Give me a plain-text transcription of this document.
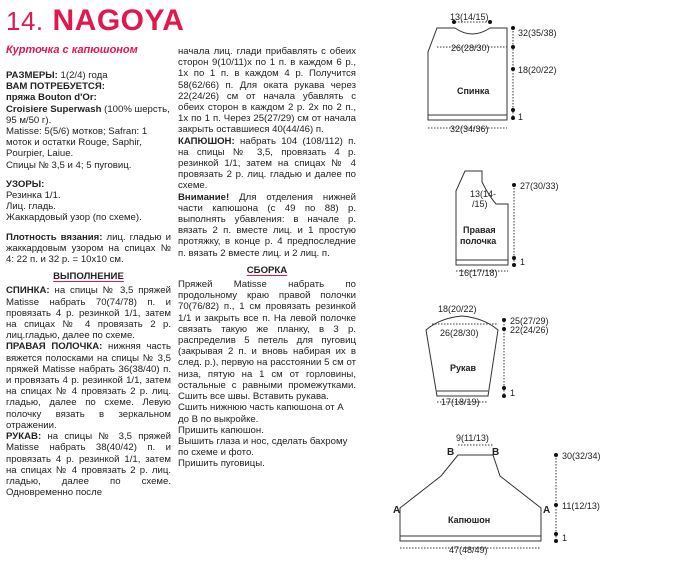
14. NAGOYA
Курточка с капюшоном

РАЗМЕРЫ: 1(2/4) года

ВАМ ПОТРЕБУЕТСЯ:

пряжа Bouton d'Or:

Croisiere Superwash (100% шерсть, 95 м/50 г).

Matisse: 5(5/6) мотков; Safran: 1 моток и остатки Rouge, Saphir, Pourpier, Laiue.

Спицы № 3,5 и 4; 5 пуговиц.

УЗОРЫ:

Резинка 1/1.

Лиц. гладь.

Жаккардовый узор (по схеме).

Плотность вязания: лиц. гладью и жаккардовым узором на спицах № 4: 22 п. и 32 р. = 10х10 см.

ВЫПОЛНЕНИЕ

СПИНКА: на спицы № 3,5 пряжей Matisse набрать 70(74/78) п. и провязать 4 р. резинкой 1/1, затем на спицах № 4 провязать 2 р. лиц.гладью, далее по схеме.

ПРАВАЯ ПОЛОЧКА: нижняя часть вяжется полосками на спицы № 3,5 пряжей Matisse набрать 36(38/40) п. и провязать 4 р. резинкой 1/1, затем на спицах № 4 провязать 2 р. лиц. гладью, далее по схеме. Левую полочку вязать в зеркальном отражении.

РУКАВ: на спицы № 3,5 пряжей Matisse набрать 38(40/42) п. и провязать 4 р. резинкой 1/1, затем на спицах № 4 провязать 2 р. лиц. гладью, далее по схеме. Одновременно после

начала лиц. глади прибавлять с обеих сторон 9(10/11)х по 1 п. в каждом 6 р., 1х по 1 п. в каждом 4 р. Получится 58(62/66) п. Для оката рукава через 22(24/26) см от начала убавлять с обеих сторон в каждом 2 р. 2х по 2 п., 1х по 1 п. Через 25(27/29) см от начала закрыть оставшиеся 40(44/46) п.

КАПЮШОН: набрать 104 (108/112) п. на спицы № 3,5, провязать 4 р. резинкой 1/1, затем на спицах № 4 провязать 2 р. лиц. гладью и далее по схеме.

Внимание! Для отделения нижней части капюшона (с 49 по 88) р. выполнять убавления: в начале р. вязать 2 п. вместе лиц. и 1 простую протяжку, в конце р. 4 предпоследние п. вязать 2 вместе лиц. и 2 лиц. п.

СБОРКА

Пряжей Matisse набрать по продольному краю правой полочки 70(76/82) п., 1 см провязать резинкой 1/1 и закрыть все п. На левой полочке связать такую же планку, в 3 р. распределив 5 петель для пуговиц (закрывая 2 п. и вновь набирая их в след. р.), первую на расстоянии 5 см от низа, пятую на 1 см от горловины, остальные с равными промежутками. Сшить все швы. Вставить рукава.

Сшить нижнюю часть капюшона от A до B по выкройке.

Пришить капюшон.

Вышить глаза и нос, сделать бахрому по схеме и фото.

Пришить пуговицы.

13(14/15)
26(28/30)
32(35/38)
18(20/22)
Спинка
32(34/36)
1
13(14-
/15)
27(30/33)
Правая
полочка
16(17/18)
1
18(20/22)
26(28/30)
25(27/29)
22(24/26)
Рукав
17(18/19)
1
9(11/13)
B	B
A	A
30(32/34)
11(12/13)
Капюшон
47(48/49)
1
